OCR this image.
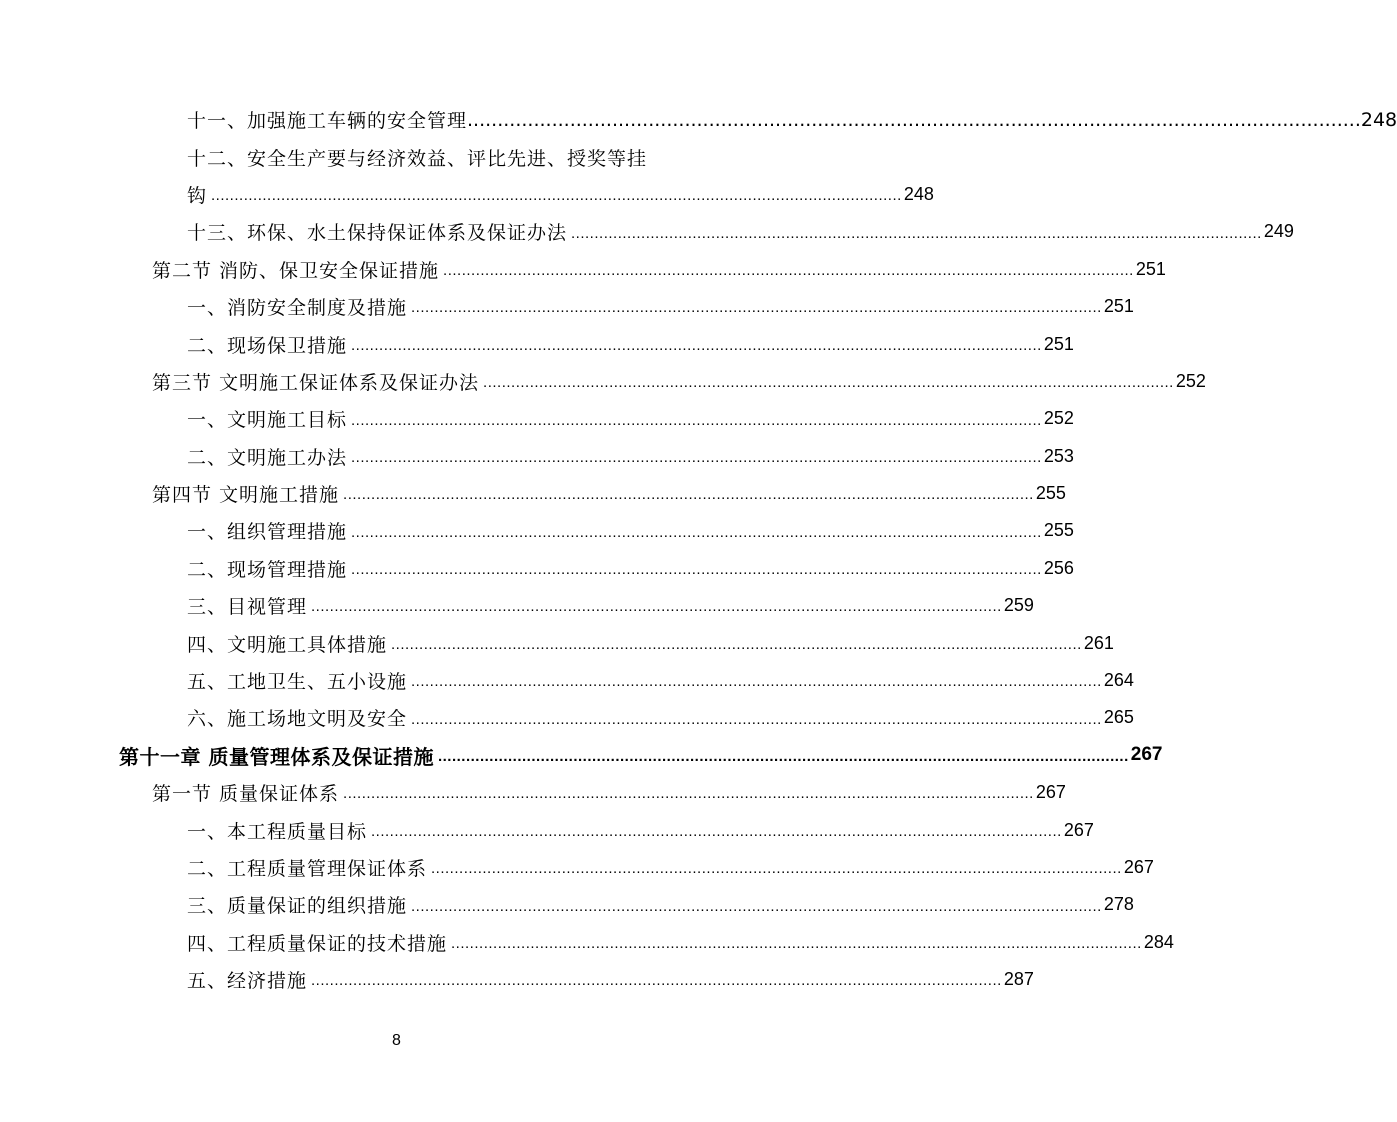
十一、加强施工车辆的安全管理 .................................................................................................................................................... 248
十二、安全生产要与经济效益、评比先进、授奖等挂
钩 .................................................................................................................................................... 248
十三、环保、水土保持保证体系及保证办法 .................................................................................................................................................... 249
第二节 消防、保卫安全保证措施 .................................................................................................................................................... 251
一、消防安全制度及措施 .................................................................................................................................................... 251
二、现场保卫措施 .................................................................................................................................................... 251
第三节 文明施工保证体系及保证办法 .................................................................................................................................................... 252
一、文明施工目标 .................................................................................................................................................... 252
二、文明施工办法 .................................................................................................................................................... 253
第四节 文明施工措施 .................................................................................................................................................... 255
一、组织管理措施 .................................................................................................................................................... 255
二、现场管理措施 .................................................................................................................................................... 256
三、目视管理 .................................................................................................................................................... 259
四、文明施工具体措施 .................................................................................................................................................... 261
五、工地卫生、五小设施 .................................................................................................................................................... 264
六、施工场地文明及安全 .................................................................................................................................................... 265
第十一章 质量管理体系及保证措施 .................................................................................................................................................... 267
第一节 质量保证体系 .................................................................................................................................................... 267
一、本工程质量目标 .................................................................................................................................................... 267
二、工程质量管理保证体系 .................................................................................................................................................... 267
三、质量保证的组织措施 .................................................................................................................................................... 278
四、工程质量保证的技术措施 .................................................................................................................................................... 284
五、经济措施 .................................................................................................................................................... 287
8
